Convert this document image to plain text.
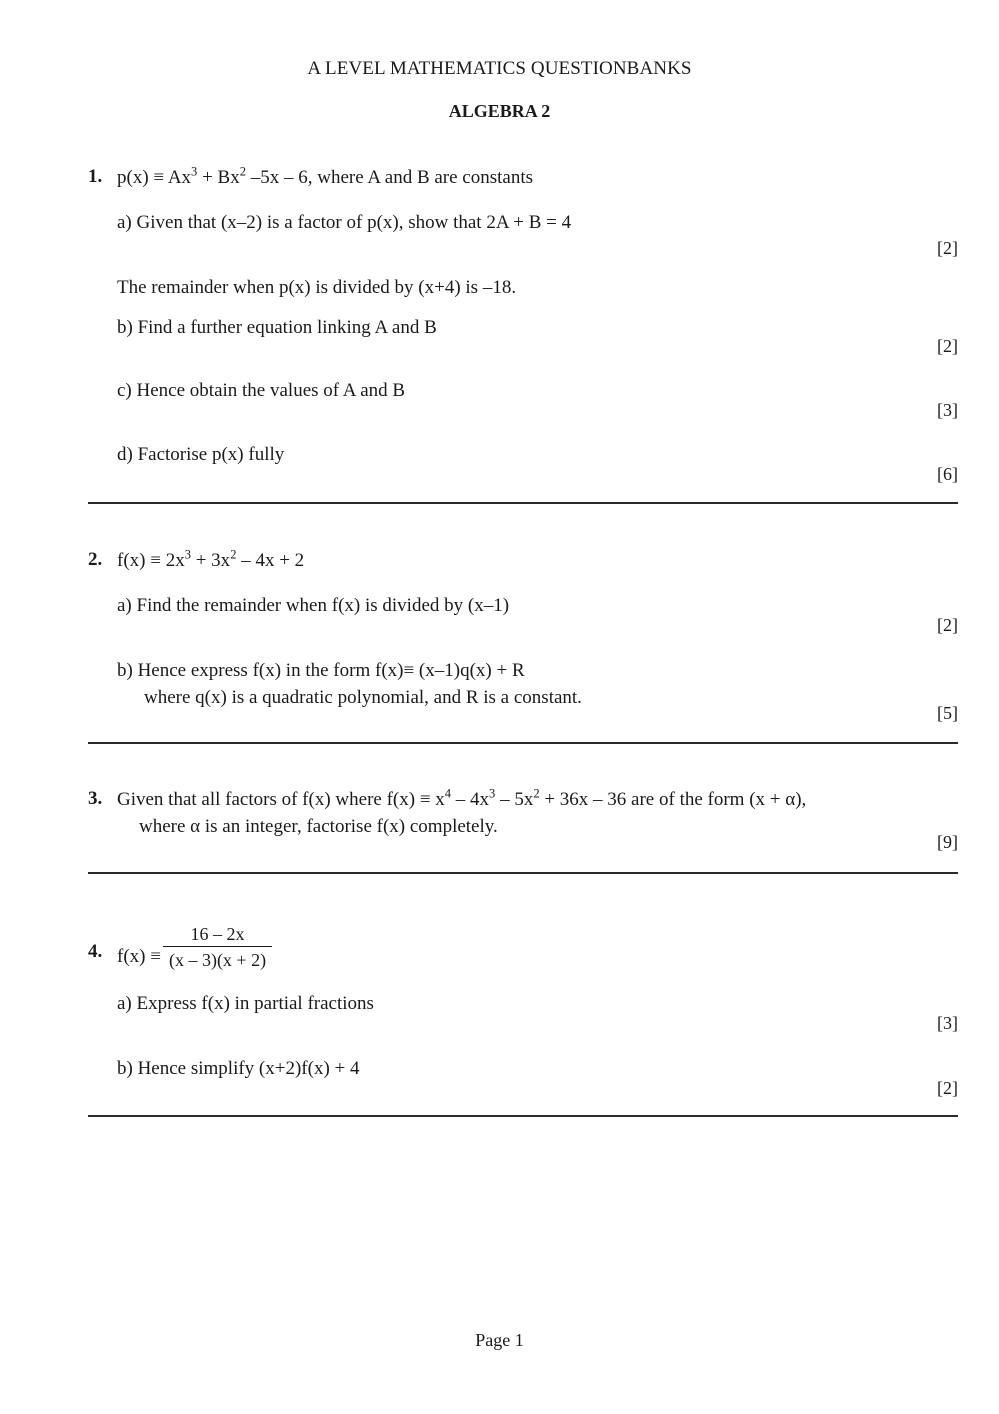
A LEVEL MATHEMATICS QUESTIONBANKS
ALGEBRA 2
1. $p(x) \equiv Ax^3 + Bx^2$ –5x – 6, where A and B are constants
a) Given that (x–2) is a factor of p(x), show that 2A + B = 4
[2]
The remainder when p(x) is divided by (x+4) is –18.
b) Find a further equation linking A and B
[2]
c) Hence obtain the values of A and B
[3]
d) Factorise p(x) fully
[6]
2. $f(x) \equiv 2x^3 + 3x^2 - 4x + 2$
a) Find the remainder when f(x) is divided by (x–1)
[2]
b) Hence express f(x) in the form f(x)≡ (x–1)q(x) + R
where q(x) is a quadratic polynomial, and R is a constant.
[5]
3. Given that all factors of f(x) where $f(x) \equiv x^4 - 4x^3 - 5x^2 + 36x - 36$ are of the form (x + α),
where α is an integer, factorise f(x) completely.
[9]
4. $f(x) \equiv \frac{16 - 2x}{(x - 3)(x + 2)}$
a) Express f(x) in partial fractions
[3]
b) Hence simplify (x+2)f(x) + 4
[2]
Page 1
